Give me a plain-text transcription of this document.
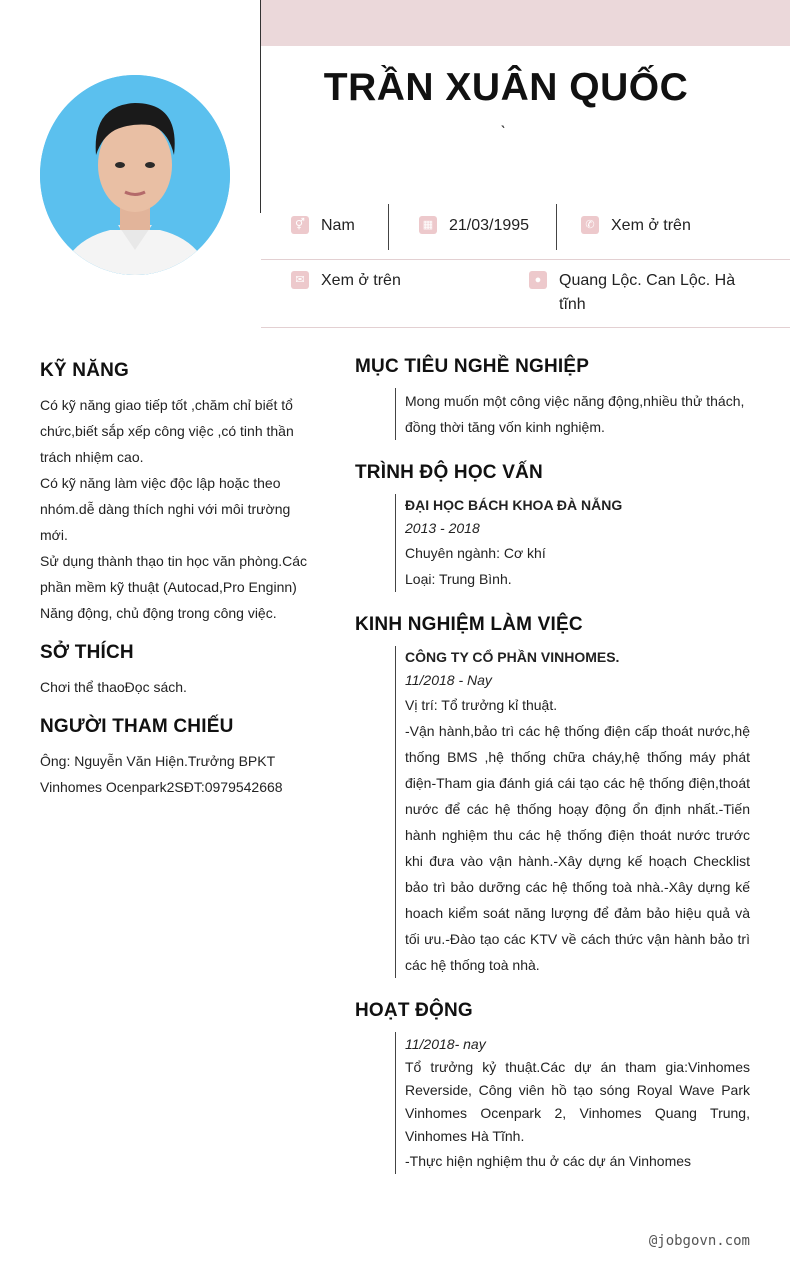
TRẦN XUÂN QUỐC
⚥ Nam	▦ 21/03/1995	✆ Xem ở trên
✉ Xem ở trên	●	Quang Lộc. Can Lộc. Hà tĩnh
KỸ NĂNG

Có kỹ năng giao tiếp tốt ,chăm chỉ biết tổ chức,biết sắp xếp công việc ,có tinh thần trách nhiệm cao.

Có kỹ năng làm việc độc lập hoặc theo nhóm.dễ dàng thích nghi với môi trường mới.

Sử dụng thành thạo tin học văn phòng.Các phần mềm kỹ thuật (Autocad,Pro Enginn)

Năng động, chủ động trong công việc.

SỞ THÍCH

Chơi thể thaoĐọc sách.

NGƯỜI THAM CHIẾU

Ông: Nguyễn Văn Hiện.Trưởng BPKT Vinhomes Ocenpark2SĐT:0979542668

MỤC TIÊU NGHỀ NGHIỆP

Mong muốn một công việc năng động,nhiều thử thách, đồng thời tăng vốn kinh nghiệm.

TRÌNH ĐỘ HỌC VẤN

ĐẠI HỌC BÁCH KHOA ĐÀ NẴNG

2013 - 2018

Chuyên ngành: Cơ khí

Loại: Trung Bình.

KINH NGHIỆM LÀM VIỆC

CÔNG TY CỔ PHẦN VINHOMES.

11/2018 - Nay

Vị trí: Tổ trưởng kỉ thuật.

-Vận hành,bảo trì các hệ thống điện cấp thoát nước,hệ thống BMS ,hệ thống chữa cháy,hệ thống máy phát điện-Tham gia đánh giá cái tạo các hệ thống điện,thoát nước để các hệ thống hoạy động ổn định nhất.-Tiến hành nghiệm thu các hệ thống điện thoát nước trước khi đưa vào vận hành.-Xây dựng kế hoạch Checklist bảo trì bảo dưỡng các hệ thống toà nhà.-Xây dựng kế hoach kiểm soát năng lượng để đảm bảo hiệu quả và tối ưu.-Đào tạo các KTV về cách thức vận hành bảo trì các hệ thống toà nhà.

HOẠT ĐỘNG

11/2018- nay

Tổ trưởng kỷ thuật.Các dự án tham gia:Vinhomes Reverside, Công viên hồ tạo sóng Royal Wave Park Vinhomes Ocenpark 2, Vinhomes Quang Trung, Vinhomes Hà Tĩnh.

-Thực hiện nghiệm thu ở các dự án Vinhomes

@jobgovn.com
